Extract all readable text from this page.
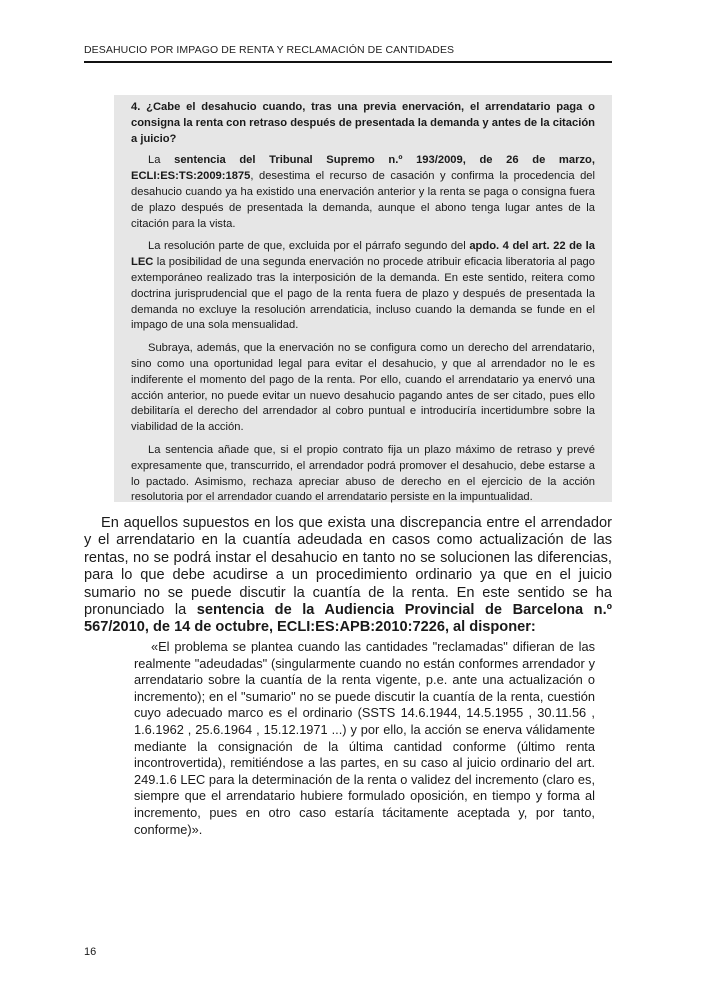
DESAHUCIO POR IMPAGO DE RENTA Y RECLAMACIÓN DE CANTIDADES

4. ¿Cabe el desahucio cuando, tras una previa enervación, el arrendatario paga o consigna la renta con retraso después de presentada la demanda y antes de la citación a juicio?

La sentencia del Tribunal Supremo n.º 193/2009, de 26 de marzo, ECLI:ES:TS:2009:1875, desestima el recurso de casación y confirma la procedencia del desahucio cuando ya ha existido una enervación anterior y la renta se paga o consigna fuera de plazo después de presentada la demanda, aunque el abono tenga lugar antes de la citación para la vista.

La resolución parte de que, excluida por el párrafo segundo del apdo. 4 del art. 22 de la LEC la posibilidad de una segunda enervación no procede atribuir eficacia liberatoria al pago extemporáneo realizado tras la interposición de la demanda. En este sentido, reitera como doctrina jurisprudencial que el pago de la renta fuera de plazo y después de presentada la demanda no excluye la resolución arrendaticia, incluso cuando la demanda se funde en el impago de una sola mensualidad.

Subraya, además, que la enervación no se configura como un derecho del arrendatario, sino como una oportunidad legal para evitar el desahucio, y que al arrendador no le es indiferente el momento del pago de la renta. Por ello, cuando el arrendatario ya enervó una acción anterior, no puede evitar un nuevo desahucio pagando antes de ser citado, pues ello debilitaría el derecho del arrendador al cobro puntual e introduciría incertidumbre sobre la viabilidad de la acción.

La sentencia añade que, si el propio contrato fija un plazo máximo de retraso y prevé expresamente que, transcurrido, el arrendador podrá promover el desahucio, debe estarse a lo pactado. Asimismo, rechaza apreciar abuso de derecho en el ejercicio de la acción resolutoria por el arrendador cuando el arrendatario persiste en la impuntualidad.

En aquellos supuestos en los que exista una discrepancia entre el arrendador y el arrendatario en la cuantía adeudada en casos como actualización de las rentas, no se podrá instar el desahucio en tanto no se solucionen las diferencias, para lo que debe acudirse a un procedimiento ordinario ya que en el juicio sumario no se puede discutir la cuantía de la renta. En este sentido se ha pronunciado la sentencia de la Audiencia Provincial de Barcelona n.º 567/2010, de 14 de octubre, ECLI:ES:APB:2010:7226, al disponer:

«El problema se plantea cuando las cantidades "reclamadas" difieran de las realmente "adeudadas" (singularmente cuando no están conformes arrendador y arrendatario sobre la cuantía de la renta vigente, p.e. ante una actualización o incremento); en el "sumario" no se puede discutir la cuantía de la renta, cuestión cuyo adecuado marco es el ordinario (SSTS 14.6.1944, 14.5.1955 , 30.11.56 , 1.6.1962 , 25.6.1964 , 15.12.1971 ...) y por ello, la acción se enerva válidamente mediante la consignación de la última cantidad conforme (último renta incontrovertida), remitiéndose a las partes, en su caso al juicio ordinario del art. 249.1.6 LEC para la determinación de la renta o validez del incremento (claro es, siempre que el arrendatario hubiere formulado oposición, en tiempo y forma al incremento, pues en otro caso estaría tácitamente aceptada y, por tanto, conforme)».

16
